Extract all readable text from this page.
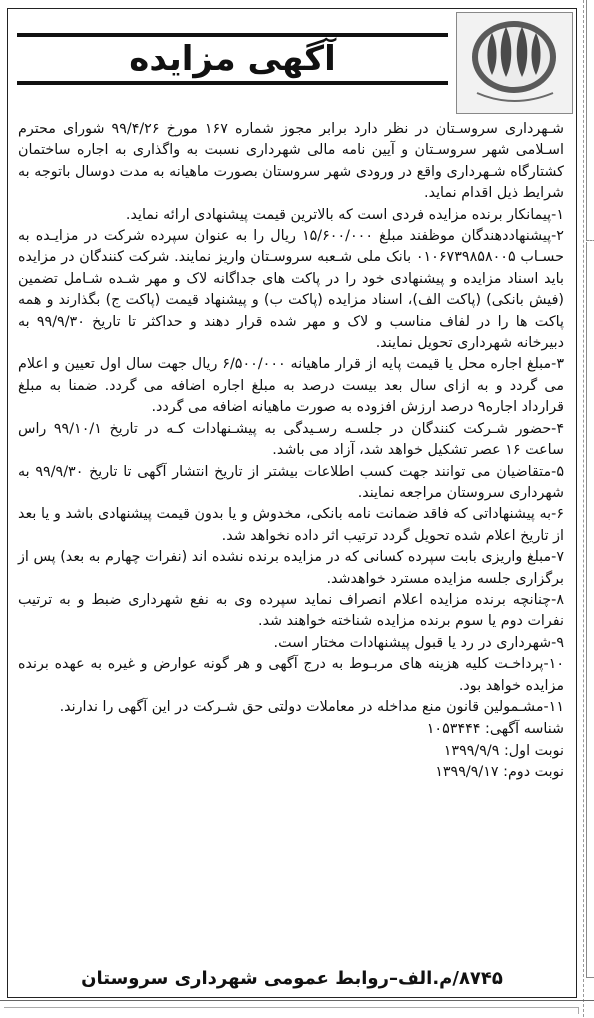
آگهی مزایده

شـهرداری سروسـتان در نظر دارد برابر مجوز شماره ۱۶۷ مورخ ۹۹/۴/۲۶ شورای محترم اسـلامی شهر سروسـتان و آیین نامه مالی شهرداری نسبت به واگذاری به اجاره ساختمان کشتارگاه شـهرداری واقع در ورودی شهر سروستان بصورت ماهیانه به مدت دوسال باتوجه به شرایط ذیل اقدام نماید.

۱-پیمانکار برنده مزایده فردی است که بالاترین قیمت پیشنهادی ارائه نماید.

۲-پیشنهاددهندگان موظفند مبلغ ۱۵/۶۰۰/۰۰۰ ریال را به عنوان سپرده شرکت در مزایـده به حسـاب ۰۱۰۶۷۳۹۸۵۸۰۰۵ بانک ملی شـعبه سروسـتان واریز نمایند. شرکت کنندگان در مزایده باید اسناد مزایده و پیشنهادی خود را در پاکت های جداگانه لاک و مهر شـده شـامل تضمین (فیش بانکی) (پاکت الف)، اسناد مزایده (پاکت ب) و پیشنهاد قیمت (پاکت ج) بگذارند و همه پاکت ها را در لفاف مناسب و لاک و مهر شده قرار دهند و حداکثر تا تاریخ ۹۹/۹/۳۰ به دبیرخانه شهرداری تحویل نمایند.

۳-مبلغ اجاره محل یا قیمت پایه از قرار ماهیانه ۶/۵۰۰/۰۰۰ ریال جهت سال اول تعیین و اعلام می گردد و به ازای سال بعد بیست درصد به مبلغ اجاره اضافه می گردد. ضمنا به مبلغ قرارداد اجاره۹ درصد ارزش افزوده به صورت ماهیانه اضافه می گردد.

۴-حضور شـرکت کنندگان در جلسـه رسـیدگی به پیشـنهادات کـه در تاریخ ۹۹/۱۰/۱ راس ساعت ۱۶ عصر تشکیل خواهد شد، آزاد می باشد.

۵-متقاضیان می توانند جهت کسب اطلاعات بیشتر از تاریخ انتشار آگهی تا تاریخ ۹۹/۹/۳۰ به شهرداری سروستان مراجعه نمایند.

۶-به پیشنهاداتی که فاقد ضمانت نامه بانکی، مخدوش و یا بدون قیمت پیشنهادی باشد و یا بعد از تاریخ اعلام شده تحویل گردد ترتیب اثر داده نخواهد شد.

۷-مبلغ واریزی بابت سپرده کسانی که در مزایده برنده نشده اند (نفرات چهارم به بعد) پس از برگزاری جلسه مزایده مسترد خواهدشد.

۸-چنانچه برنده مزایده اعلام انصراف نماید سپرده وی به نفع شهرداری ضبط و به ترتیب نفرات دوم یا سوم برنده مزایده شناخته خواهند شد.

۹-شهرداری در رد یا قبول پیشنهادات مختار است.

۱۰-پرداخـت کلیه هزینه های مربـوط به درج آگهی و هر گونه عوارض و غیره به عهده برنده مزایده خواهد بود.

۱۱-مشـمولین قانون منع مداخله در معاملات دولتی حق شـرکت در این آگهی را ندارند.

شناسه آگهی: ۱۰۵۳۴۴۴
نوبت اول: ۱۳۹۹/۹/۹
نوبت دوم: ۱۳۹۹/۹/۱۷
۸۷۴۵/م.الف–روابط عمومی شهرداری سروستان
